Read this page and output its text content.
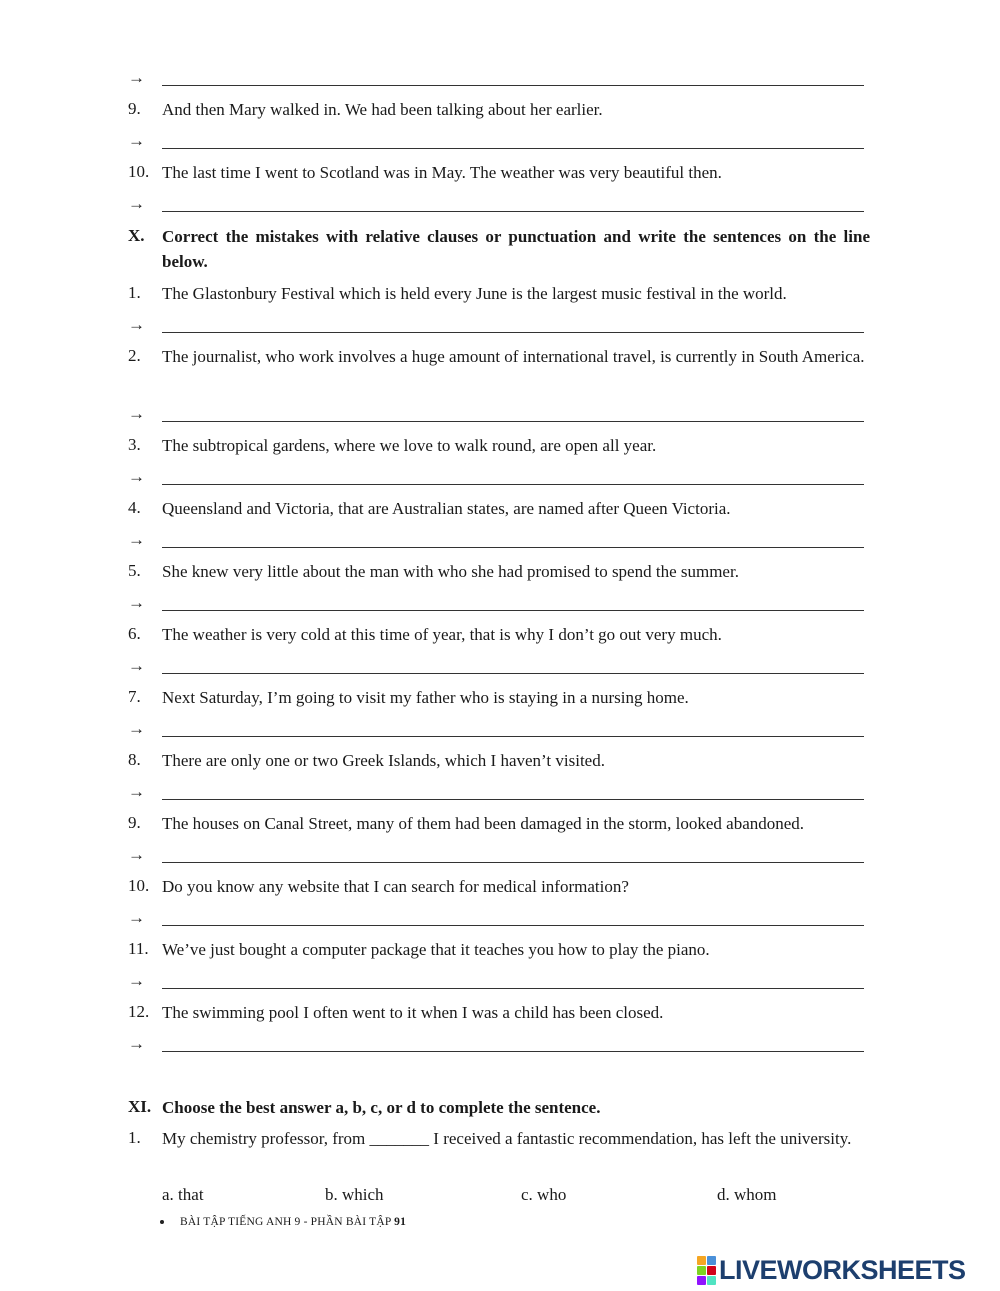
→
9. And then Mary walked in. We had been talking about her earlier.
→
10. The last time I went to Scotland was in May. The weather was very beautiful then.
→
X. Correct the mistakes with relative clauses or punctuation and write the sentences on the line below.
1. The Glastonbury Festival which is held every June is the largest music festival in the world.
→
2. The journalist, who work involves a huge amount of international travel, is currently in South America.
→
3. The subtropical gardens, where we love to walk round, are open all year.
→
4. Queensland and Victoria, that are Australian states, are named after Queen Victoria.
→
5. She knew very little about the man with who she had promised to spend the summer.
→
6. The weather is very cold at this time of year, that is why I don’t go out very much.
→
7. Next Saturday, I’m going to visit my father who is staying in a nursing home.
→
8. There are only one or two Greek Islands, which I haven’t visited.
→
9. The houses on Canal Street, many of them had been damaged in the storm, looked abandoned.
→
10. Do you know any website that I can search for medical information?
→
11. We’ve just bought a computer package that it teaches you how to play the piano.
→
12. The swimming pool I often went to it when I was a child has been closed.
→
XI. Choose the best answer a, b, c, or d to complete the sentence.
1. My chemistry professor, from _______ I received a fantastic recommendation, has left the university.
a. that	b. which	c. who	d. whom
BÀI TẬP TIẾNG ANH 9 - PHẦN BÀI TẬP 91
LIVEWORKSHEETS
